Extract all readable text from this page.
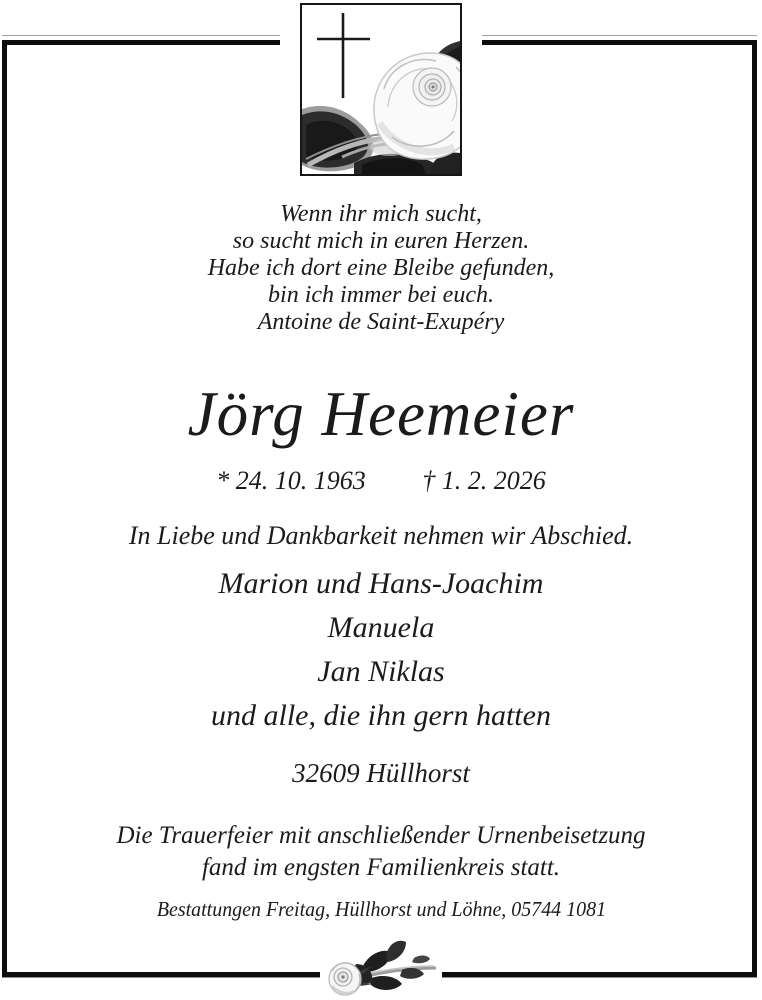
Wenn ihr mich sucht,
so sucht mich in euren Herzen.
Habe ich dort eine Bleibe gefunden,
bin ich immer bei euch.
Antoine de Saint-Exupéry
Jörg Heemeier
* 24. 10. 1963 † 1. 2. 2026
In Liebe und Dankbarkeit nehmen wir Abschied.
Marion und Hans-Joachim
Manuela
Jan Niklas
und alle, die ihn gern hatten
32609 Hüllhorst
Die Trauerfeier mit anschließender Urnenbeisetzung
fand im engsten Familienkreis statt.
Bestattungen Freitag, Hüllhorst und Löhne, 05744 1081
